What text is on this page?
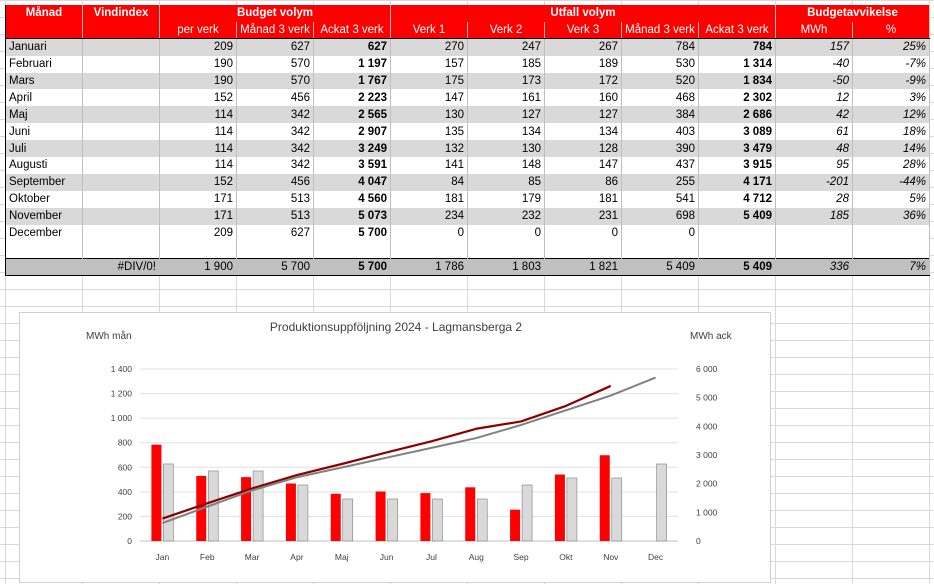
Månad	Vindindex	Budget volym			Utfall volym					Budgetavvikelse	
		per verk	Månad 3 verk	Ackat 3 verk	Verk 1	Verk 2	Verk 3	Månad 3 verk	Ackat 3 verk	MWh	%
Januari		209	627	627	270	247	267	784	784	157	25%
Februari		190	570	1 197	157	185	189	530	1 314	-40	-7%
Mars		190	570	1 767	175	173	172	520	1 834	-50	-9%
April		152	456	2 223	147	161	160	468	2 302	12	3%
Maj		114	342	2 565	130	127	127	384	2 686	42	12%
Juni		114	342	2 907	135	134	134	403	3 089	61	18%
Juli		114	342	3 249	132	130	128	390	3 479	48	14%
Augusti		114	342	3 591	141	148	147	437	3 915	95	28%
September		152	456	4 047	84	85	86	255	4 171	-201	-44%
Oktober		171	513	4 560	181	179	181	541	4 712	28	5%
November		171	513	5 073	234	232	231	698	5 409	185	36%
December		209	627	5 700	0	0	0	0			

	#DIV/0!	1 900	5 700	5 700	1 786	1 803	1 821	5 409	5 409	336	7%
Produktionsuppföljning 2024 - Lagmansberga 2
MWh mån	MWh ack
0
200
400
600
800
1 000
1 200
1 400
0
1 000
2 000
3 000
4 000
5 000
6 000
Jan	Feb	Mar	Apr	Maj	Jun	Jul	Aug	Sep	Okt	Nov	Dec
